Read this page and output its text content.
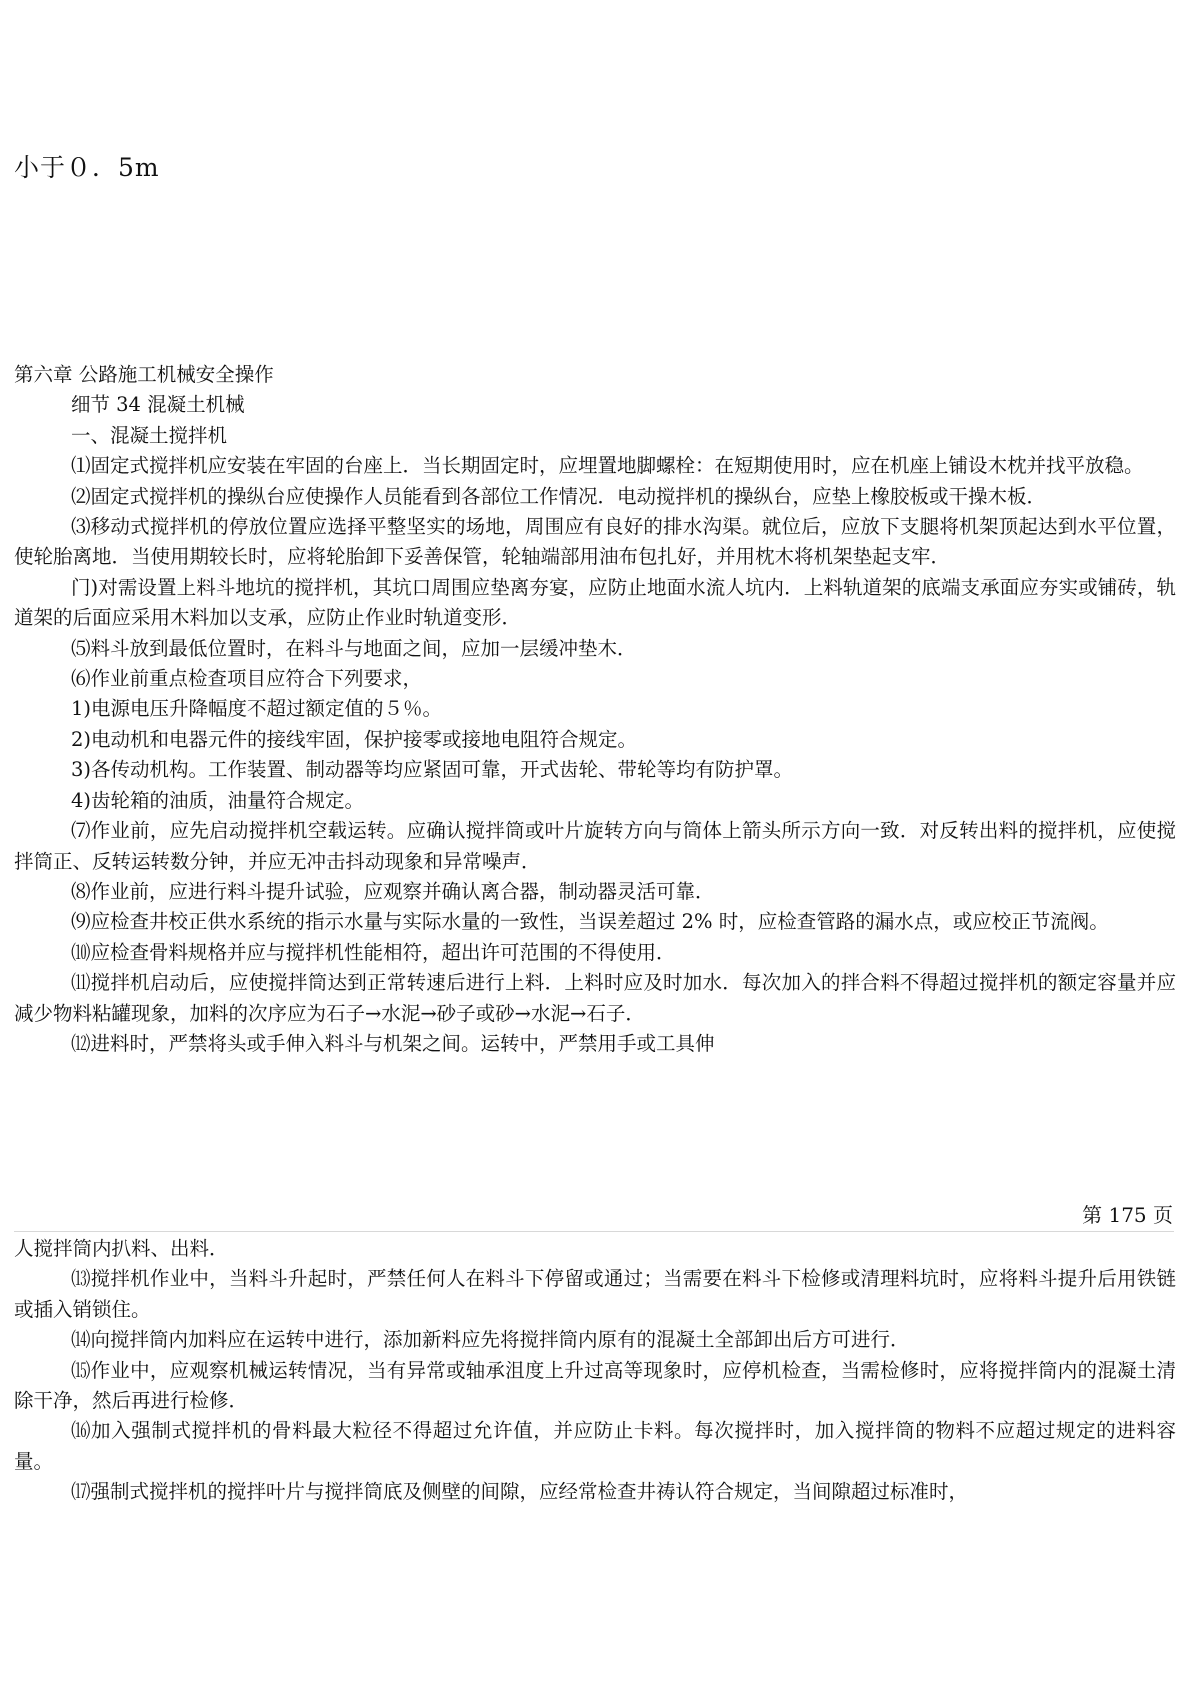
小于０．5m

第六章 公路施工机械安全操作

细节 34 混凝土机械

一、混凝土搅拌机

⑴固定式搅拌机应安装在牢固的台座上．当长期固定时，应埋置地脚螺栓：在短期使用时，应在机座上铺设木枕并找平放稳。

⑵固定式搅拌机的操纵台应使操作人员能看到各部位工作情况．电动搅拌机的操纵台，应垫上橡胶板或干操木板．

⑶移动式搅拌机的停放位置应选择平整坚实的场地，周围应有良好的排水沟渠。就位后，应放下支腿将机架顶起达到水平位置，使轮胎离地．当使用期较长时，应将轮胎卸下妥善保管，轮轴端部用油布包扎好，并用枕木将机架垫起支牢．

门)对需设置上料斗地坑的搅拌机，其坑口周围应垫离夯宴，应防止地面水流人坑内．上料轨道架的底端支承面应夯实或铺砖，轨道架的后面应采用木料加以支承，应防止作业时轨道变形．

⑸料斗放到最低位置时，在料斗与地面之间，应加一层缓冲垫木．

⑹作业前重点检查项目应符合下列要求，

1)电源电压升降幅度不超过额定值的５％。

2)电动机和电器元件的接线牢固，保护接零或接地电阻符合规定。

3)各传动机构。工作装置、制动器等均应紧固可靠，开式齿轮、带轮等均有防护罩。

4)齿轮箱的油质，油量符合规定。

⑺作业前，应先启动搅拌机空载运转。应确认搅拌筒或叶片旋转方向与筒体上箭头所示方向一致．对反转出料的搅拌机，应使搅拌筒正、反转运转数分钟，并应无冲击抖动现象和异常噪声．

⑻作业前，应进行料斗提升试验，应观察并确认离合器，制动器灵活可靠．

⑼应检查井校正供水系统的指示水量与实际水量的一致性，当误差超过 2% 时，应检查管路的漏水点，或应校正节流阀。

⑽应检查骨料规格并应与搅拌机性能相符，超出许可范围的不得使用．

⑾搅拌机启动后，应使搅拌筒达到正常转速后进行上料．上料时应及时加水．每次加入的拌合料不得超过搅拌机的额定容量并应减少物料粘罐现象，加料的次序应为石子→水泥→砂子或砂→水泥→石子．

⑿进料时，严禁将头或手伸入料斗与机架之间。运转中，严禁用手或工具伸

第 175 页

人搅拌筒内扒料、出料．

⒀搅拌机作业中，当料斗升起时，严禁任何人在料斗下停留或通过；当需要在料斗下检修或清理料坑时，应将料斗提升后用铁链或插入销锁住。

⒁向搅拌筒内加料应在运转中进行，添加新料应先将搅拌筒内原有的混凝土全部卸出后方可进行．

⒂作业中，应观察机械运转情况，当有异常或轴承沮度上升过高等现象时，应停机检查，当需检修时，应将搅拌筒内的混凝土清除干净，然后再进行检修．

⒃加入强制式搅拌机的骨料最大粒径不得超过允许值，并应防止卡料。每次搅拌时，加入搅拌筒的物料不应超过规定的进料容量。

⒄强制式搅拌机的搅拌叶片与搅拌筒底及侧壁的间隙，应经常检查井祷认符合规定，当间隙超过标准时，
